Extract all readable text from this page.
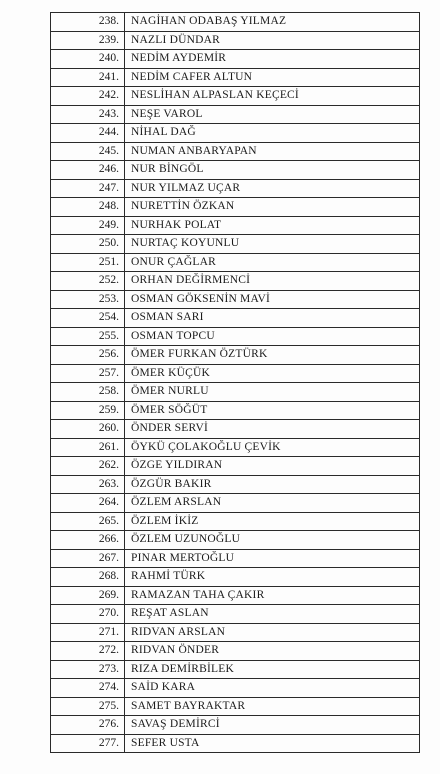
238.	NAGİHAN ODABAŞ YILMAZ
239.	NAZLI DÜNDAR
240.	NEDİM AYDEMİR
241.	NEDİM CAFER ALTUN
242.	NESLİHAN ALPASLAN KEÇECİ
243.	NEŞE VAROL
244.	NİHAL DAĞ
245.	NUMAN ANBARYAPAN
246.	NUR BİNGÖL
247.	NUR YILMAZ UÇAR
248.	NURETTİN ÖZKAN
249.	NURHAK POLAT
250.	NURTAÇ KOYUNLU
251.	ONUR ÇAĞLAR
252.	ORHAN DEĞİRMENCİ
253.	OSMAN GÖKSENİN MAVİ
254.	OSMAN SARI
255.	OSMAN TOPCU
256.	ÖMER FURKAN ÖZTÜRK
257.	ÖMER KÜÇÜK
258.	ÖMER NURLU
259.	ÖMER SÖĞÜT
260.	ÖNDER SERVİ
261.	ÖYKÜ ÇOLAKOĞLU ÇEVİK
262.	ÖZGE YILDIRAN
263.	ÖZGÜR BAKIR
264.	ÖZLEM ARSLAN
265.	ÖZLEM İKİZ
266.	ÖZLEM UZUNOĞLU
267.	PINAR MERTOĞLU
268.	RAHMİ TÜRK
269.	RAMAZAN TAHA ÇAKIR
270.	REŞAT ASLAN
271.	RIDVAN ARSLAN
272.	RIDVAN ÖNDER
273.	RIZA DEMİRBİLEK
274.	SAİD KARA
275.	SAMET BAYRAKTAR
276.	SAVAŞ DEMİRCİ
277.	SEFER USTA
